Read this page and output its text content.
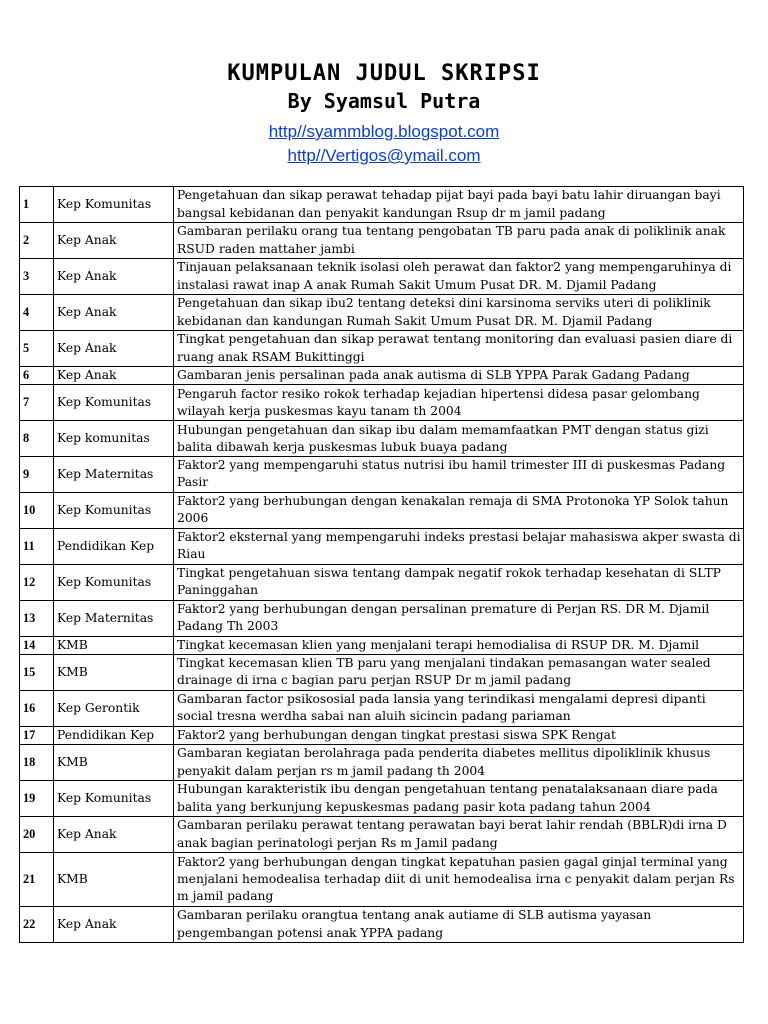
KUMPULAN JUDUL SKRIPSI

By Syamsul Putra

http//syammblog.blogspot.com
http//Vertigos@ymail.com
1	Kep Komunitas	Pengetahuan dan sikap perawat tehadap pijat bayi pada bayi batu lahir diruangan bayi bangsal kebidanan dan penyakit kandungan Rsup dr m jamil padang
2	Kep Anak	Gambaran perilaku orang tua tentang pengobatan TB paru pada anak di poliklinik anak RSUD raden mattaher jambi
3	Kep Anak	Tinjauan pelaksanaan teknik isolasi oleh perawat dan faktor2 yang mempengaruhinya di instalasi rawat inap A anak Rumah Sakit Umum Pusat DR. M. Djamil Padang
4	Kep Anak	Pengetahuan dan sikap ibu2 tentang deteksi dini karsinoma serviks uteri di poliklinik kebidanan dan kandungan Rumah Sakit Umum Pusat DR. M. Djamil Padang
5	Kep Anak	Tingkat pengetahuan dan sikap perawat tentang monitoring dan evaluasi pasien diare di ruang anak RSAM Bukittinggi
6	Kep Anak	Gambaran jenis persalinan pada anak autisma di SLB YPPA Parak Gadang Padang
7	Kep Komunitas	Pengaruh factor resiko rokok terhadap kejadian hipertensi didesa pasar gelombang wilayah kerja puskesmas kayu tanam th 2004
8	Kep komunitas	Hubungan pengetahuan dan sikap ibu dalam memamfaatkan PMT dengan status gizi balita dibawah kerja puskesmas lubuk buaya padang
9	Kep Maternitas	Faktor2 yang mempengaruhi status nutrisi ibu hamil trimester III di puskesmas Padang Pasir
10	Kep Komunitas	Faktor2 yang berhubungan dengan kenakalan remaja di SMA Protonoka YP Solok tahun 2006
11	Pendidikan Kep	Faktor2 eksternal yang mempengaruhi indeks prestasi belajar mahasiswa akper swasta di Riau
12	Kep Komunitas	Tingkat pengetahuan siswa tentang dampak negatif rokok terhadap kesehatan di SLTP Paninggahan
13	Kep Maternitas	Faktor2 yang berhubungan dengan persalinan premature di Perjan RS. DR M. Djamil Padang Th 2003
14	KMB	Tingkat kecemasan klien yang menjalani terapi hemodialisa di RSUP DR. M. Djamil
15	KMB	Tingkat kecemasan klien TB paru yang menjalani tindakan pemasangan water sealed drainage di irna c bagian paru perjan RSUP Dr m jamil padang
16	Kep Gerontik	Gambaran factor psikososial pada lansia yang terindikasi mengalami depresi dipanti social tresna werdha sabai nan aluih sicincin padang pariaman
17	Pendidikan Kep	Faktor2 yang berhubungan dengan tingkat prestasi siswa SPK Rengat
18	KMB	Gambaran kegiatan berolahraga pada penderita diabetes mellitus dipoliklinik khusus penyakit dalam perjan rs m jamil padang th 2004
19	Kep Komunitas	Hubungan karakteristik ibu dengan pengetahuan tentang penatalaksanaan diare pada balita yang berkunjung kepuskesmas padang pasir kota padang tahun 2004
20	Kep Anak	Gambaran perilaku perawat tentang perawatan bayi berat lahir rendah (BBLR)di irna D anak bagian perinatologi perjan Rs m Jamil padang
21	KMB	Faktor2 yang berhubungan dengan tingkat kepatuhan pasien gagal ginjal terminal yang menjalani hemodealisa terhadap diit di unit hemodealisa irna c penyakit dalam perjan Rs m jamil padang
22	Kep Anak	Gambaran perilaku orangtua tentang anak autiame di SLB autisma yayasan pengembangan potensi anak YPPA padang
